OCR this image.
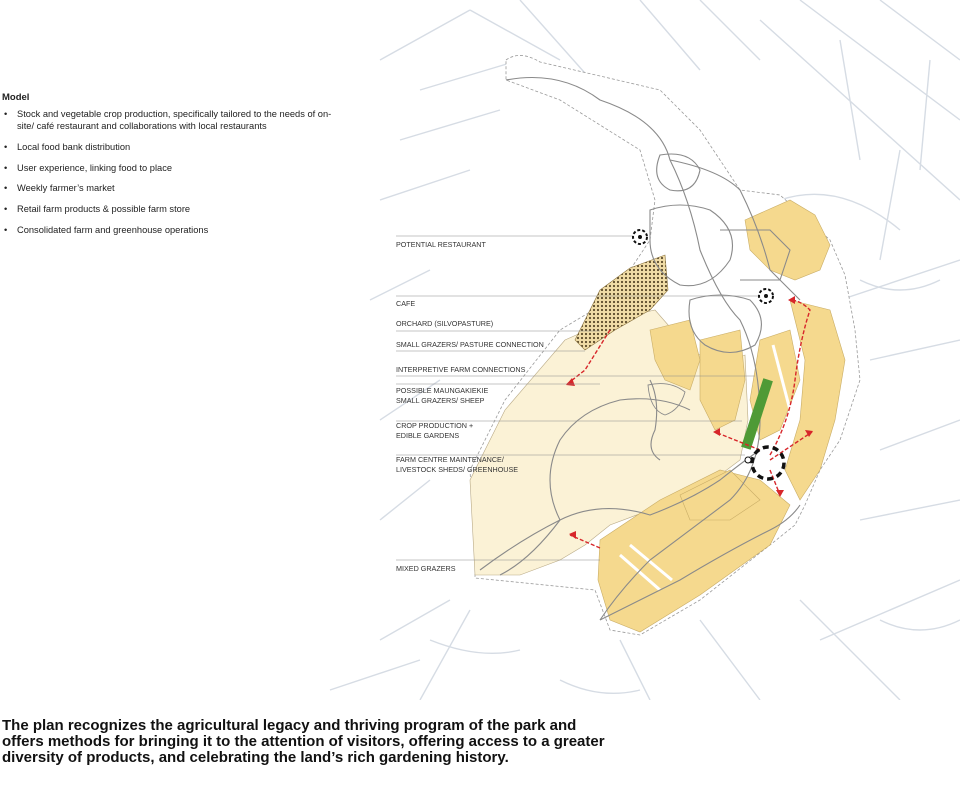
Model
• Stock and vegetable crop production, specifically tailored to the needs of on-site/ café restaurant and collaborations with local restaurants
• Local food bank distribution
• User experience, linking food to place
• Weekly farmer’s market
• Retail farm products & possible farm store
• Consolidated farm and greenhouse operations
POTENTIAL RESTAURANT
CAFE
ORCHARD (SILVOPASTURE)
SMALL GRAZERS/ PASTURE CONNECTION
INTERPRETIVE FARM CONNECTIONS
POSSIBLE MAUNGAKIEKIE
SMALL GRAZERS/ SHEEP
CROP PRODUCTION +
EDIBLE GARDENS
FARM CENTRE MAINTENANCE/
LIVESTOCK SHEDS/ GREENHOUSE
MIXED GRAZERS
The plan recognizes the agricultural legacy and thriving program of the park and offers methods for bringing it to the attention of visitors, offering access to a greater diversity of products, and celebrating the land’s rich gardening history.
